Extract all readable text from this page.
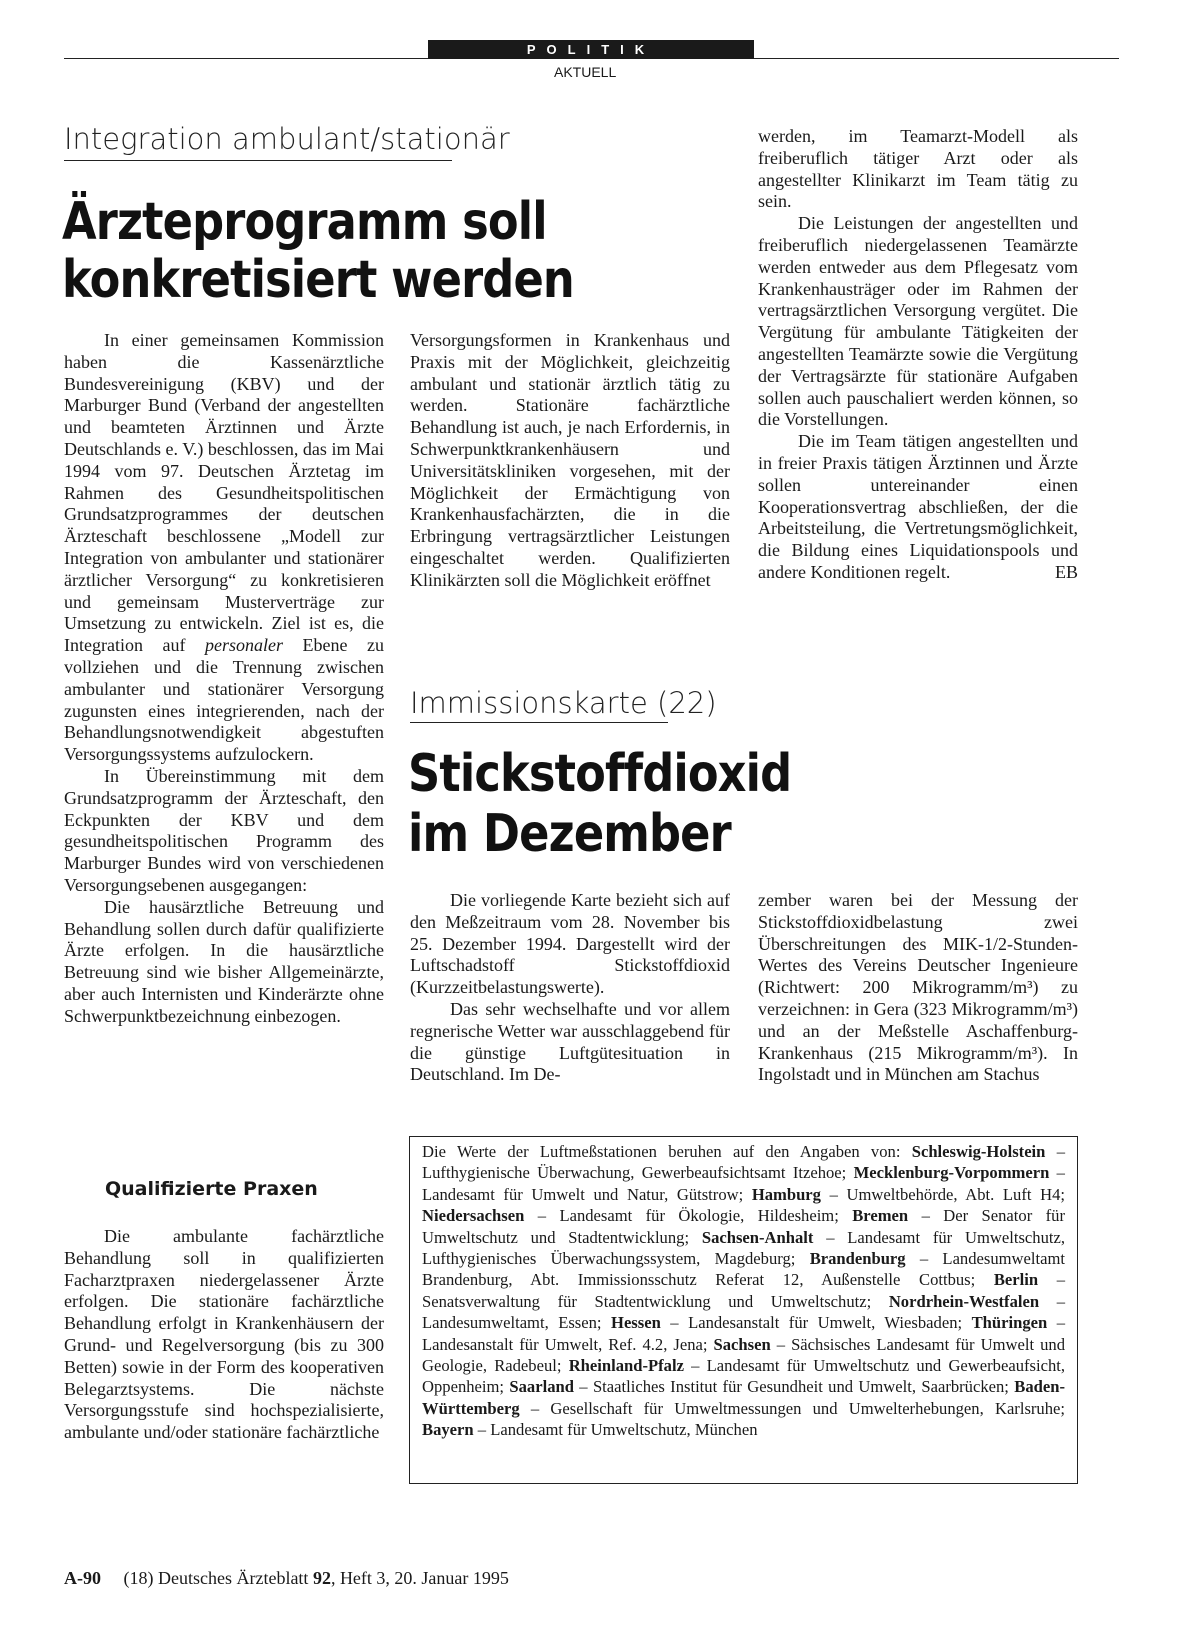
POLITIK
AKTUELL
Integration ambulant/stationär
Ärzteprogramm soll
konkretisiert werden

In einer gemeinsamen Kommission haben die Kassenärztliche Bundesvereinigung (KBV) und der Marburger Bund (Verband der angestellten und beamteten Ärztinnen und Ärzte Deutschlands e. V.) beschlossen, das im Mai 1994 vom 97. Deutschen Ärztetag im Rahmen des Gesundheitspolitischen Grundsatzprogrammes der deutschen Ärzteschaft beschlossene „Modell zur Integration von ambulanter und stationärer ärztlicher Versorgung“ zu konkretisieren und gemeinsam Musterverträge zur Umsetzung zu entwickeln. Ziel ist es, die Integration auf personaler Ebene zu vollziehen und die Trennung zwischen ambulanter und stationärer Versorgung zugunsten eines integrierenden, nach der Behandlungsnotwendigkeit abgestuften Versorgungssystems aufzulockern.

In Übereinstimmung mit dem Grundsatzprogramm der Ärzteschaft, den Eckpunkten der KBV und dem gesundheitspolitischen Programm des Marburger Bundes wird von verschiedenen Versorgungsebenen ausgegangen:

Die hausärztliche Betreuung und Behandlung sollen durch dafür qualifizierte Ärzte erfolgen. In die hausärztliche Betreuung sind wie bisher Allgemeinärzte, aber auch Internisten und Kinderärzte ohne Schwerpunktbezeichnung einbezogen.

Qualifizierte Praxen

Die ambulante fachärztliche Behandlung soll in qualifizierten Facharztpraxen niedergelassener Ärzte erfolgen. Die stationäre fachärztliche Behandlung erfolgt in Krankenhäusern der Grund- und Regelversorgung (bis zu 300 Betten) sowie in der Form des kooperativen Belegarztsystems. Die nächste Versorgungsstufe sind hochspezialisierte, ambulante und/oder stationäre fachärztliche

Versorgungsformen in Krankenhaus und Praxis mit der Möglichkeit, gleichzeitig ambulant und stationär ärztlich tätig zu werden. Stationäre fachärztliche Behandlung ist auch, je nach Erfordernis, in Schwerpunktkrankenhäusern und Universitätskliniken vorgesehen, mit der Möglichkeit der Ermächtigung von Krankenhausfachärzten, die in die Erbringung vertragsärztlicher Leistungen eingeschaltet werden. Qualifizierten Klinikärzten soll die Möglichkeit eröffnet

werden, im Teamarzt-Modell als freiberuflich tätiger Arzt oder als angestellter Klinikarzt im Team tätig zu sein.

Die Leistungen der angestellten und freiberuflich niedergelassenen Teamärzte werden entweder aus dem Pflegesatz vom Krankenhausträger oder im Rahmen der vertragsärztlichen Versorgung vergütet. Die Vergütung für ambulante Tätigkeiten der angestellten Teamärzte sowie die Vergütung der Vertragsärzte für stationäre Aufgaben sollen auch pauschaliert werden können, so die Vorstellungen.

Die im Team tätigen angestellten und in freier Praxis tätigen Ärztinnen und Ärzte sollen untereinander einen Kooperationsvertrag abschließen, der die Arbeitsteilung, die Vertretungsmöglichkeit, die Bildung eines Liquidationspools und andere Konditionen regelt.	EB

Immissionskarte (22)
Stickstoffdioxid
im Dezember

Die vorliegende Karte bezieht sich auf den Meßzeitraum vom 28. November bis 25. Dezember 1994. Dargestellt wird der Luftschadstoff Stickstoffdioxid (Kurzzeitbelastungswerte).

Das sehr wechselhafte und vor allem regnerische Wetter war ausschlaggebend für die günstige Luftgütesituation in Deutschland. Im De-

zember waren bei der Messung der Stickstoffdioxidbelastung zwei Überschreitungen des MIK-1/2-Stunden-Wertes des Vereins Deutscher Ingenieure (Richtwert: 200 Mikrogramm/m³) zu verzeichnen: in Gera (323 Mikrogramm/m³) und an der Meßstelle Aschaffenburg-Krankenhaus (215 Mikrogramm/m³). In Ingolstadt und in München am Stachus

Die Werte der Luftmeßstationen beruhen auf den Angaben von: Schleswig-Holstein – Lufthygienische Überwachung, Gewerbeaufsichtsamt Itzehoe; Mecklenburg-Vorpommern – Landesamt für Umwelt und Natur, Gütstrow; Hamburg – Umweltbehörde, Abt. Luft H4; Niedersachsen – Landesamt für Ökologie, Hildesheim; Bremen – Der Senator für Umweltschutz und Stadtentwicklung; Sachsen-Anhalt – Landesamt für Umweltschutz, Lufthygienisches Überwachungssystem, Magdeburg; Brandenburg – Landesumweltamt Brandenburg, Abt. Immissionsschutz Referat 12, Außenstelle Cottbus; Berlin – Senatsverwaltung für Stadtentwicklung und Umweltschutz; Nordrhein-Westfalen – Landesumweltamt, Essen; Hessen – Landesanstalt für Umwelt, Wiesbaden; Thüringen – Landesanstalt für Umwelt, Ref. 4.2, Jena; Sachsen – Sächsisches Landesamt für Umwelt und Geologie, Radebeul; Rheinland-Pfalz – Landesamt für Umweltschutz und Gewerbeaufsicht, Oppenheim; Saarland – Staatliches Institut für Gesundheit und Umwelt, Saarbrücken; Baden-Württemberg – Gesellschaft für Umweltmessungen und Umwelterhebungen, Karlsruhe; Bayern – Landesamt für Umweltschutz, München
A-90 (18) Deutsches Ärzteblatt 92, Heft 3, 20. Januar 1995
